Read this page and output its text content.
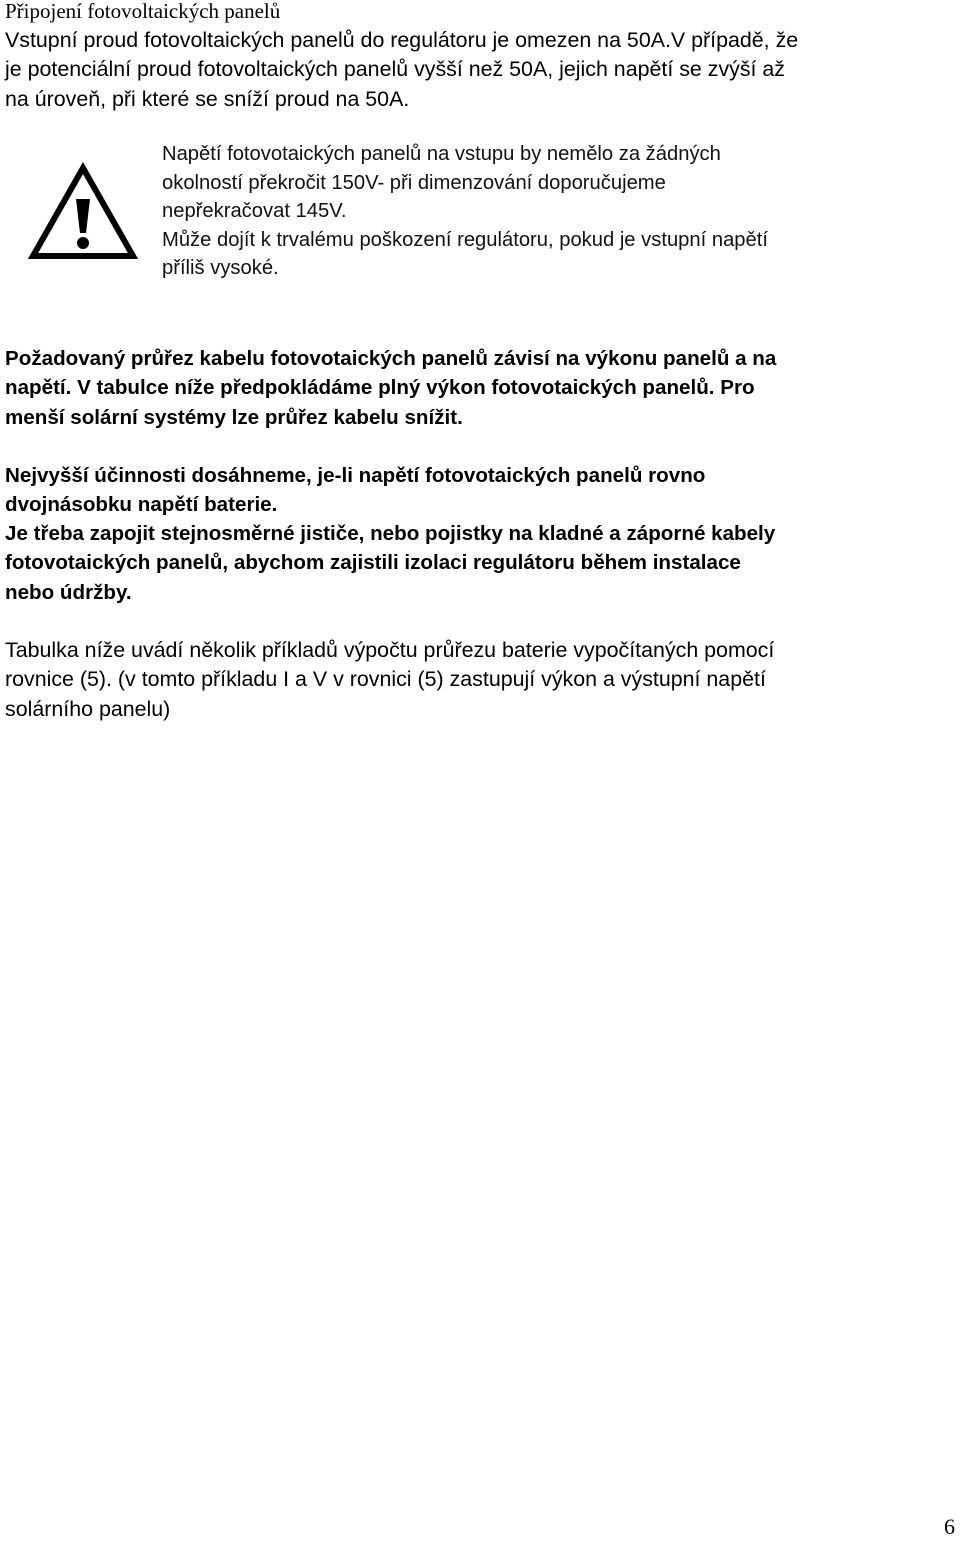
Připojení fotovoltaických panelů

Vstupní proud fotovoltaických panelů do regulátoru je omezen na 50A.V případě, že
je potenciální proud fotovoltaických panelů vyšší než 50A, jejich napětí se zvýší až
na úroveň, při které se sníží proud na 50A.

Napětí fotovotaických panelů na vstupu by nemělo za žádných
okolností překročit 150V- při dimenzování doporučujeme
nepřekračovat 145V.
Může dojít k trvalému poškození regulátoru, pokud je vstupní napětí
příliš vysoké.

Požadovaný průřez kabelu fotovotaických panelů závisí na výkonu panelů a na
napětí. V tabulce níže předpokládáme plný výkon fotovotaických panelů. Pro
menší solární systémy lze průřez kabelu snížit.

Nejvyšší účinnosti dosáhneme, je-li napětí fotovotaických panelů rovno
dvojnásobku napětí baterie.

Je třeba zapojit stejnosměrné jističe, nebo pojistky na kladné a záporné kabely
fotovotaických panelů, abychom zajistili izolaci regulátoru během instalace
nebo údržby.

Tabulka níže uvádí několik příkladů výpočtu průřezu baterie vypočítaných pomocí
rovnice (5). (v tomto příkladu I a V v rovnici (5) zastupují výkon a výstupní napětí
solárního panelu)

6
